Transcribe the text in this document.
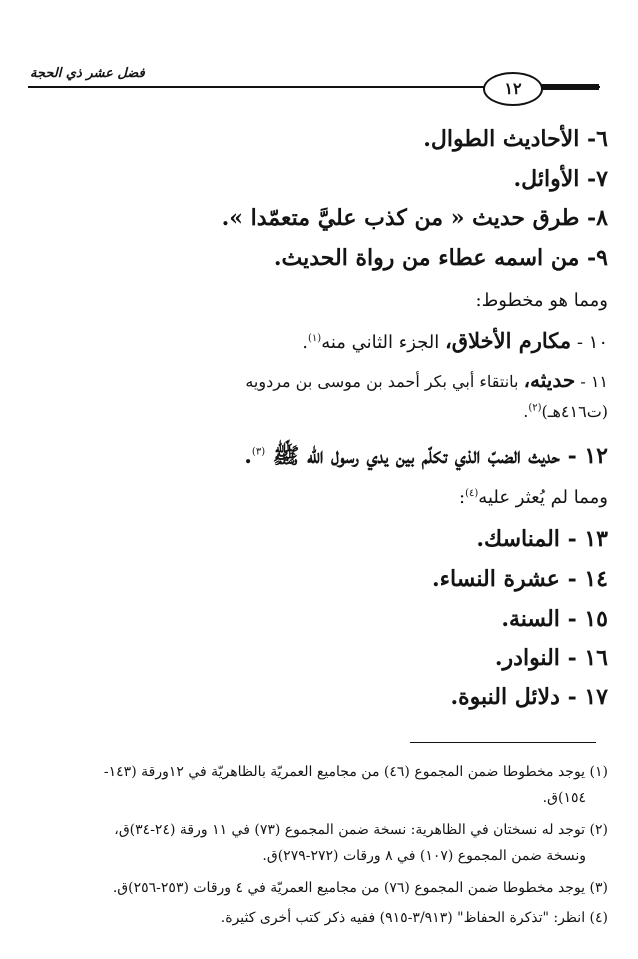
فضل عشر ذي الحجة
١٢
٦- الأحاديث الطوال.
٧- الأوائل.
٨- طرق حديث « من كذب عليَّ متعمّدا ».
٩- من اسمه عطاء من رواة الحديث.
ومما هو مخطوط:
١٠ - مكارم الأخلاق، الجزء الثاني منه$^{(١)}$.
١١ - حديثه، بانتقاء أبي بكر أحمد بن موسى بن مردويه
(ت٤١٦هـ)$^{(٢)}$.
١٢ - حديث الضبّ الذي تكلّم بين يدي رسول الله ﷺ $^{(٣)}$.
ومما لم يُعثر عليه$^{(٤)}$:
١٣ - المناسك.
١٤ - عشرة النساء.
١٥ - السنة.
١٦ - النوادر.
١٧ - دلائل النبوة.
(١) يوجد مخطوطا ضمن المجموع (٤٦) من مجاميع العمريّة بالظاهريّة في ١٢ورقة (١٤٣-
١٥٤)ق.
(٢) توجد له نسختان في الظاهرية: نسخة ضمن المجموع (٧٣) في ١١ ورقة (٢٤-٣٤)ق،
ونسخة ضمن المجموع (١٠٧) في ٨ ورقات (٢٧٢-٢٧٩)ق.
(٣) يوجد مخطوطا ضمن المجموع (٧٦) من مجاميع العمريّة في ٤ ورقات (٢٥٣-٢٥٦)ق.
(٤) انظر: "تذكرة الحفاظ" (٣/٩١٣-٩١٥) ففيه ذكر كتب أخرى كثيرة.
